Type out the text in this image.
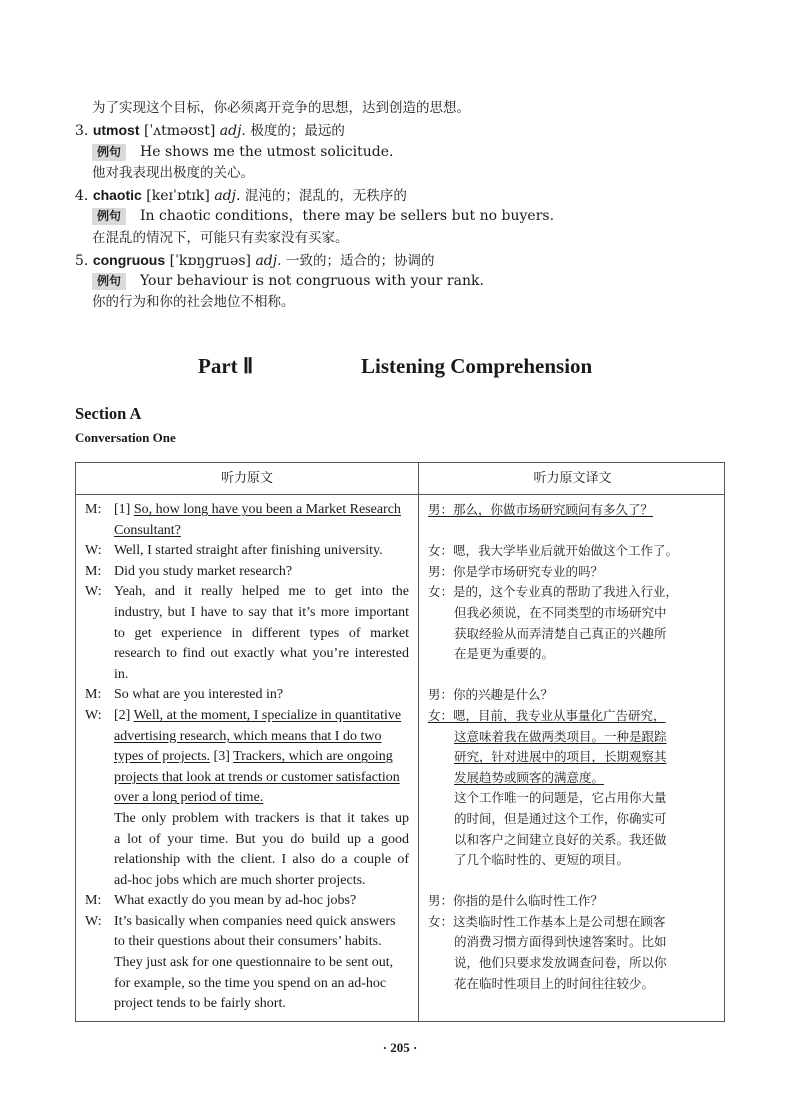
为了实现这个目标，你必须离开竞争的思想，达到创造的思想。
3. utmost [ˈʌtməʊst] adj. 极度的；最远的
例句 He shows me the utmost solicitude.
他对我表现出极度的关心。
4. chaotic [keɪˈɒtɪk] adj. 混沌的；混乱的，无秩序的
例句 In chaotic conditions，there may be sellers but no buyers.
在混乱的情况下，可能只有卖家没有买家。
5. congruous [ˈkɒŋgruəs] adj. 一致的；适合的；协调的
例句 Your behaviour is not congruous with your rank.
你的行为和你的社会地位不相称。
Part Ⅱ	Listening Comprehension
Section A
Conversation One
听力原文	听力原文译文
M: [1] So, how long have you been a Market Research
Consultant?
W: Well, I started straight after finishing university.
M: Did you study market research?
W: Yeah, and it really helped me to get into the
industry, but I have to say that it’s more important
to get experience in different types of market
research to find out exactly what you’re interested
in.
M: So what are you interested in?
W: [2] Well, at the moment, I specialize in quantitative
advertising research, which means that I do two
types of projects. [3] Trackers, which are ongoing
projects that look at trends or customer satisfaction
over a long period of time.
The only problem with trackers is that it takes up
a lot of your time. But you do build up a good
relationship with the client. I also do a couple of
ad-hoc jobs which are much shorter projects.
M: What exactly do you mean by ad-hoc jobs?
W: It’s basically when companies need quick answers
to their questions about their consumers’ habits.
They just ask for one questionnaire to be sent out,
for example, so the time you spend on an ad-hoc
project tends to be fairly short.
男：那么，你做市场研究顾问有多久了？
女：嗯，我大学毕业后就开始做这个工作了。
男：你是学市场研究专业的吗？
女：是的，这个专业真的帮助了我进入行业，
但我必须说，在不同类型的市场研究中
获取经验从而弄清楚自己真正的兴趣所
在是更为重要的。
男：你的兴趣是什么？
女：嗯，目前，我专业从事量化广告研究，
这意味着我在做两类项目。一种是跟踪
研究，针对进展中的项目，长期观察其
发展趋势或顾客的满意度。
这个工作唯一的问题是，它占用你大量
的时间，但是通过这个工作，你确实可
以和客户之间建立良好的关系。我还做
了几个临时性的、更短的项目。
男：你指的是什么临时性工作？
女：这类临时性工作基本上是公司想在顾客
的消费习惯方面得到快速答案时。比如
说，他们只要求发放调查问卷，所以你
花在临时性项目上的时间往往较少。
· 205 ·
